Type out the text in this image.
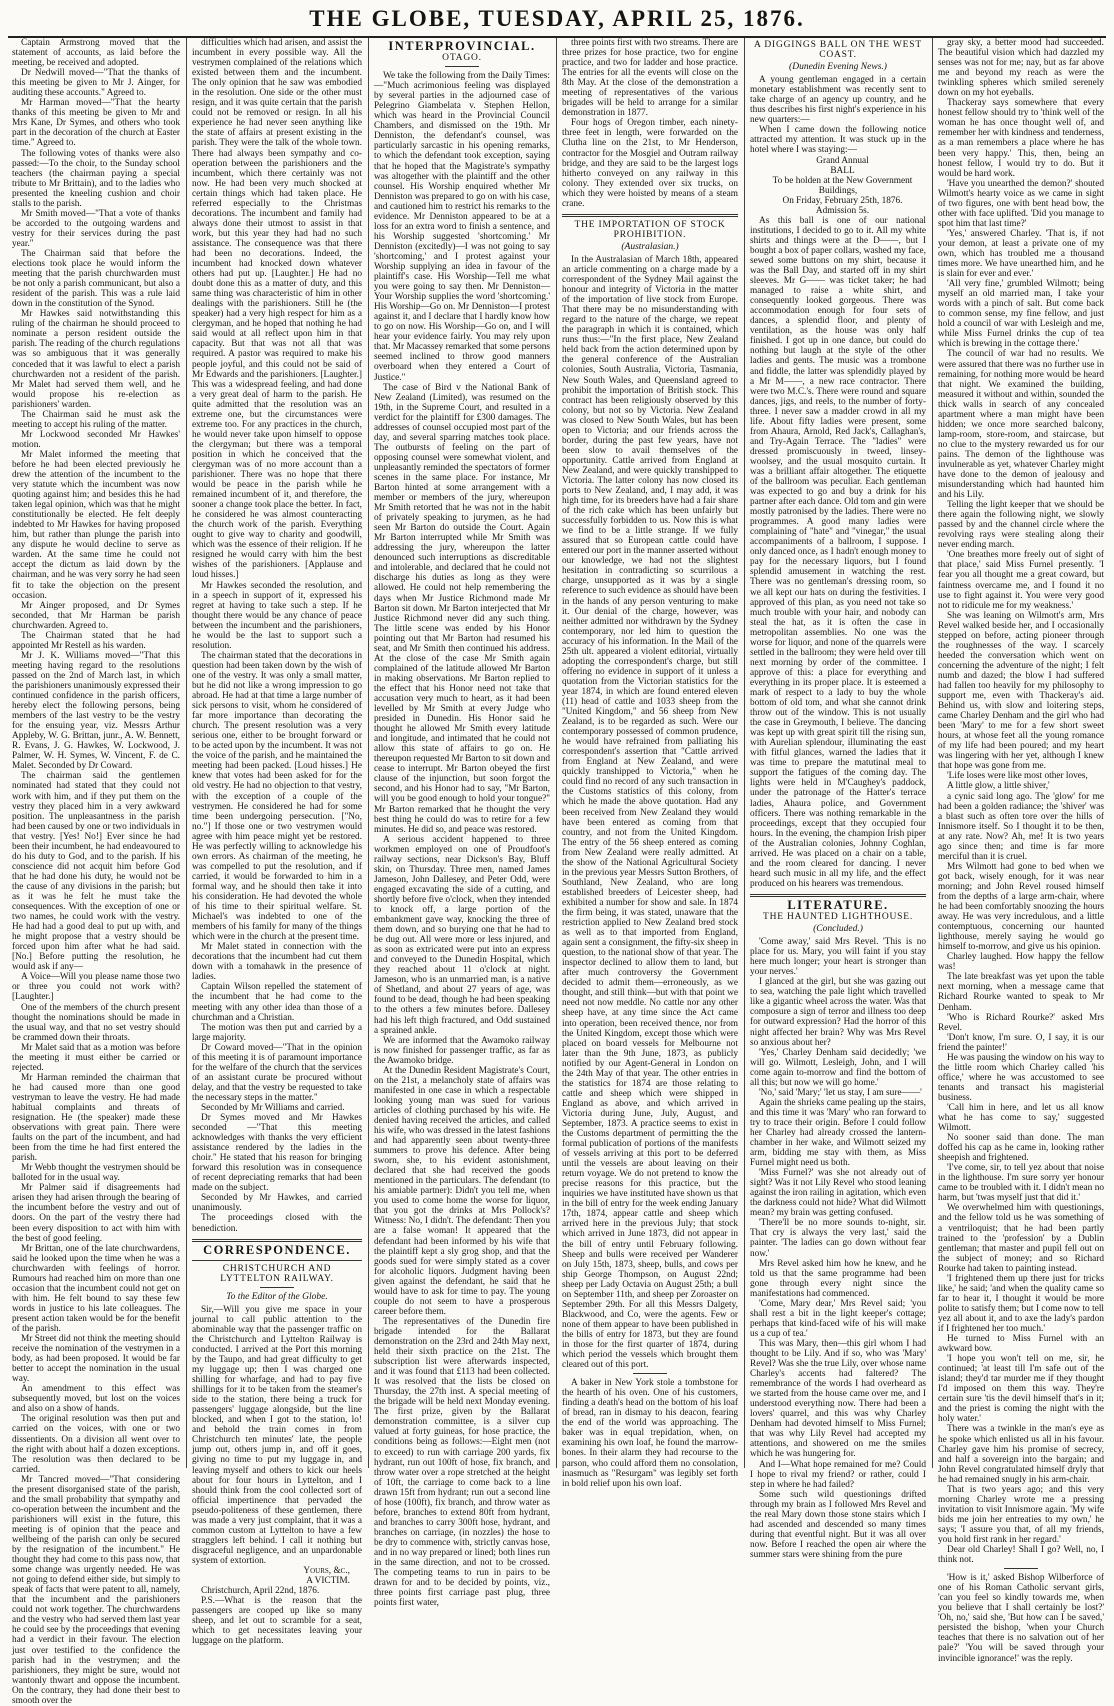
THE GLOBE, TUESDAY, APRIL 25, 1876.

Captain Armstrong moved that the statement of accounts, as laid before the meeting, be received and adopted.

Dr Nedwill moved—"That the thanks of this meeting be given to Mr J. Ainger, for auditing these accounts." Agreed to.

Mr Harman moved—"That the hearty thanks of this meeting be given to Mr and Mrs Kane, Dr Symes, and others who took part in the decoration of the church at Easter time." Agreed to.

The following votes of thanks were also passed:—To the choir, to the Sunday school teachers (the chairman paying a special tribute to Mr Brittain), and to the ladies who presented the kneeling cushion and choir stalls to the parish.

Mr Smith moved—"That a vote of thanks be accorded to the outgoing wardens and vestry for their services during the past year."

The Chairman said that before the elections took place he would inform the meeting that the parish churchwarden must be not only a parish communicant, but also a resident of the parish. This was a rule laid down in the constitution of the Synod.

Mr Hawkes said notwithstanding this ruling of the chairman he should proceed to nominate a person resident outside the parish. The reading of the church regulations was so ambiguous that it was generally conceded that it was lawful to elect a parish churchwarden not a resident of the parish. Mr Malet had served them well, and he would propose his re-election as parishioners' warden.

The Chairman said he must ask the meeting to accept his ruling of the matter.

Mr Lockwood seconded Mr Hawkes' motion.

Mr Malet informed the meeting that before he had been elected previously he drew the attention of the incumbent to the very statute which the incumbent was now quoting against him; and besides this he had taken legal opinion, which was that he might constitutionally be elected. He felt deeply indebted to Mr Hawkes for having proposed him, but rather than plunge the parish into any dispute he would decline to serve as warden. At the same time he could not accept the dictum as laid down by the chairman, and he was very sorry he had seen fit to take the objection on the present occasion.

Mr Ainger proposed, and Dr Symes seconded, that Mr Harman be parish churchwarden. Agreed to.

The Chairman stated that he had appointed Mr Restell as his warden.

Mr J. K. Williams moved—"That this meeting having regard to the resolutions passed on the 2nd of March last, in which the parishioners unanimously expressed their continued confidence in the parish officers, hereby elect the following persons, being members of the last vestry to be the vestry for the ensuing year, viz. Messrs Arthur Appleby, W. G. Brittan, junr., A. W. Bennett, R. Evans, J. G. Hawkes, W. Lockwood, J. Palmer, W. H. Symes, W. Vincent, F. de C. Malet. Seconded by Dr Coward.

The chairman said the gentlemen nominated had stated that they could not work with him, and if they put them on the vestry they placed him in a very awkward position. The unpleasantness in the parish had been caused by one or two individuals in that vestry. [Yes! No!] Ever since he had been their incumbent, he had endeavoured to do his duty to God, and to the parish. If his conscience did not acquit him before God that he had done his duty, he would not be the cause of any divisions in the parish; but as it was he felt he must take the consequences. With the exception of one or two names, he could work with the vestry. He had had a good deal to put up with, and he might propose that a vestry should be forced upon him after what he had said. [No.] Before putting the resolution, he would ask if any—

A Voice—Will you please name those two or three you could not work with? [Laughter.]

One of the members of the church present thought the nominations should be made in the usual way, and that no set vestry should be crammed down their throats.

Mr Malet said that as a motion was before the meeting it must either be carried or rejected.

Mr Harman reminded the chairman that he had caused more than one good vestryman to leave the vestry. He had made habitual complaints and threats of resignation. He (the speaker) made these observations with great pain. There were faults on the part of the incumbent, and had been from the time he had first entered the parish.

Mr Webb thought the vestrymen should be balloted for in the usual way.

Mr Palmer said if disagreements had arisen they had arisen through the bearing of the incumbent before the vestry and out of doors. On the part of the vestry there had been every disposition to act with him with the best of good feeling.

Mr Brittan, one of the late churchwardens, said he looked upon the time when he was a churchwarden with feelings of horror. Rumours had reached him on more than one occasion that the incumbent could not get on with him. He felt bound to say these few words in justice to his late colleagues. The present action taken would be for the benefit of the parish.

Mr Street did not think the meeting should receive the nomination of the vestrymen in a body, as had been proposed. It would be far better to accept the nomination in the usual way.

An amendment to this effect was subsequently moved, but lost on the voices and also on a show of hands.

The original resolution was then put and carried on the voices, with one or two dissentients. On a division all went over to the right with about half a dozen exceptions. The resolution was then declared to be carried.

Mr Tancred moved—"That considering the present disorganised state of the parish, and the small probability that sympathy and co-operation between the incumbent and the parishioners will exist in the future, this meeting is of opinion that the peace and wellbeing of the parish can only be secured by the resignation of the incumbent." He thought they had come to this pass now, that some change was urgently needed. He was not going to defend either side, but simply to speak of facts that were patent to all, namely, that the incumbent and the parishioners could not work together. The churchwardens and the vestry who had served them last year he could see by the proceedings that evening had a verdict in their favour. The election just over testified to the confidence the parish had in the vestrymen; and the parishioners, they might be sure, would not wantonly thwart and oppose the incumbent. On the contrary, they had done their best to smooth over the

difficulties which had arisen, and assist the incumbent in every possible way. All the vestrymen complained of the relations which existed between them and the incumbent. The only opinion that he saw was embodied in the resolution. One side or the other must resign, and it was quite certain that the parish could not be removed or resign. In all his experience he had never seen anything like the state of affairs at present existing in the parish. They were the talk of the whole town. There had always been sympathy and co-operation between the parishioners and the incumbent, which there certainly was not now. He had been very much shocked at certain things which had taken place. He referred especially to the Christmas decorations. The incumbent and family had always done their utmost to assist in that work, but this year they had had no such assistance. The consequence was that there had been no decorations. Indeed, the incumbent had knocked down whatever others had put up. [Laughter.] He had no doubt done this as a matter of duty, and this same thing was characteristic of him in other dealings with the parishioners. Still he (the speaker) had a very high respect for him as a clergyman, and he hoped that nothing he had said would at all reflect upon him in that capacity. But that was not all that was required. A pastor was required to make his people joyful, and this could not be said of Mr Edwards and the parishioners. [Laughter.] This was a widespread feeling, and had done a very great deal of harm to the parish. He quite admitted that the resolution was an extreme one, but the circumstances were extreme too. For any practices in the church, he would never take upon himself to oppose the clergyman; but there was a temporal position in which he conceived that the clergyman was of no more account than a parishioner. There was no hope that there would be peace in the parish while he remained incumbent of it, and therefore, the sooner a change took place the better. In fact, he considered he was almost counteracting the church work of the parish. Everything ought to give way to charity and goodwill, which was the essence of their religion. If he resigned he would carry with him the best wishes of the parishioners. [Applause and loud hisses.]

Mr Hawkes seconded the resolution, and in a speech in support of it, expressed his regret at having to take such a step. If he thought there would be any chance of peace between the incumbent and the parishioners, he would be the last to support such a resolution.

The chairman stated that the decorations in question had been taken down by the wish of one of the vestry. It was only a small matter, but he did not like a wrong impression to go abroad. He had at that time a large number of sick persons to visit, whom he considered of far more importance than decorating the church. The present resolution was a very serious one, either to be brought forward or to be acted upon by the incumbent. It was not the voice of the parish, and he maintained the meeting had been packed. [Loud hisses.] He knew that votes had been asked for for the old vestry. He had no objection to that vestry, with the exception of a couple of the vestrymen. He considered he had for some time been undergoing persecution. ["No, no."] If those one or two vestrymen would agree with him peace might yet be restored. He was perfectly willing to acknowledge his own errors. As chairman of the meeting, he was compelled to put the resolution, and if carried, it would be forwarded to him in a formal way, and he should then take it into his consideration. He had devoted the whole of his time to their spiritual welfare. St. Michael's was indebted to one of the members of his family for many of the things which were in the church at the present time.

Mr Malet stated in connection with the decorations that the incumbent had cut them down with a tomahawk in the presence of ladies.

Captain Wilson repelled the statement of the incumbent that he had come to the meeting with any other idea than those of a churchman and a Christian.

The motion was then put and carried by a large majority.

Dr Coward moved—"That in the opinion of this meeting it is of paramount importance for the welfare of the church that the services of an assistant curate be procured without delay, and that the vestry be requested to take the necessary steps in the matter."

Seconded by Mr Williams and carried.

Dr Symes moved and Mr Hawkes seconded —"That this meeting acknowledges with thanks the very efficient assistance rendered by the ladies in the choir." He stated that his reason for bringing forward this resolution was in consequence of recent depreciating remarks that had been made on the subject.

Seconded by Mr Hawkes, and carried unanimously.

The proceedings closed with the benediction.

CORRESPONDENCE.
CHRISTCHURCH AND LYTTELTON RAILWAY.
To the Editor of the Globe.

Sir,—Will you give me space in your journal to call public attention to the abominable way that the passenger traffic on the Christchurch and Lyttelton Railway is conducted. I arrived at the Port this morning by the Taupo, and had great difficulty to get my luggage up; then I was charged one shilling for wharfage, and had to pay five shillings for it to be taken from the steamer's side to the station, there being a truck for passengers' luggage alongside, but the line blocked, and when I got to the station, lo! and behold the train comes in from Christchurch ten minutes' late, the people jump out, others jump in, and off it goes, giving no time to put my luggage in, and leaving myself and others to kick our heels about for four hours in Lyttelton, and I should think from the cool collected sort of official impertinence that pervaded the pseudo-politeness of these gentlemen, there was made a very just complaint, that it was a common custom at Lyttelton to have a few stragglers left behind. I call it nothing but disgraceful negligence, and an unpardonable system of extortion.

Yours, &c.,

A VICTIM.

Christchurch, April 22nd, 1876.

P.S.—What is the reason that the passengers are cooped up like so many sheep, and let out to scramble for a seat, which to get necessitates leaving your luggage on the platform.

INTERPROVINCIAL.
OTAGO.

We take the following from the Daily Times:—"Much acrimonious feeling was displayed by several parties in the adjourned case of Pelegrino Giambelata v. Stephen Hellon, which was heard in the Provincial Council Chambers, and dismissed on the 19th. Mr Denniston, the defendant's counsel, was particularly sarcastic in his opening remarks, to which the defendant took exception, saying that he hoped that the Magistrate's sympathy was altogether with the plaintiff and the other counsel. His Worship enquired whether Mr Denniston was prepared to go on with his case, and cautioned him to restrict his remarks to the evidence. Mr Denniston appeared to be at a loss for an extra word to finish a sentence, and his Worship suggested 'shortcoming.' Mr Denniston (excitedly)—I was not going to say 'shortcoming,' and I protest against your Worship supplying an idea in favour of the plaintiff's case. His Worship—Tell me what you were going to say then. Mr Denniston—Your Worship supplies the word 'shortcoming.' His Worship—Go on. Mr Denniston—I protest against it, and I declare that I hardly know how to go on now. His Worship—Go on, and I will hear your evidence fairly. You may rely upon that. Mr Macassey remarked that some persons seemed inclined to throw good manners overboard when they entered a Court of Justice."

The case of Bird v the National Bank of New Zealand (Limited), was resumed on the 19th, in the Supreme Court, and resulted in a verdict for the plaintiff for £300 damages. The addresses of counsel occupied most part of the day, and several sparring matches took place. The outbursts of feeling on the part of opposing counsel were somewhat violent, and unpleasantly reminded the spectators of former scenes in the same place. For instance, Mr Barton hinted at some arrangement with a member or members of the jury, whereupon Mr Smith retorted that he was not in the habit of privately speaking to jurymen, as he had seen Mr Barton do outside the Court. Again Mr Barton interrupted while Mr Smith was addressing the jury, whereupon the latter denounced such interruptions as discreditable and intolerable, and declared that he could not discharge his duties as long as they were allowed. He could not help remembering the days when Mr Justice Richmond made Mr Barton sit down. Mr Barton interjected that Mr Justice Richmond never did any such thing. The little scene was ended by his Honor pointing out that Mr Barton had resumed his seat, and Mr Smith then continued his address. At the close of the case Mr Smith again complained of the latitude allowed Mr Barton in making observations. Mr Barton replied to the effect that his Honor need not take that accusation very much to heart, as it had been levelled by Mr Smith at every Judge who presided in Dunedin. His Honor said he thought he allowed Mr Smith every latitude and longitude, and intimated that he could not allow this state of affairs to go on. He thereupon requested Mr Barton to sit down and cease to interrupt. Mr Barton obeyed the first clause of the injunction, but soon forgot the second, and his Honor had to say, "Mr Barton, will you be good enough to hold your tongue?" Mr Barton remarked that he thought the very best thing he could do was to retire for a few minutes. He did so, and peace was restored.

A serious accident happened to three workmen employed on one of Proudfoot's railway sections, near Dickson's Bay, Bluff skin, on Thursday. Three men, named James Jameson, John Dallesey, and Peter Odd, were engaged excavating the side of a cutting, and shortly before five o'clock, when they intended to knock off, a large portion of the embankment gave way, knocking the three of them down, and so burying one that he had to be dug out. All were more or less injured, and as soon as extricated were put into an express and conveyed to the Dunedin Hospital, which they reached about 11 o'clock at night. Jameson, who is an unmarried man, is a native of Shetland, and about 27 years of age, was found to be dead, though he had been speaking to the others a few minutes before. Dallesey had his left thigh fractured, and Odd sustained a sprained ankle.

We are informed that the Awamoko railway is now finished for passenger traffic, as far as the Awamoko bridge.

At the Dunedin Resident Magistrate's Court, on the 21st, a melancholy state of affairs was manifested in one case in which a respectable looking young man was sued for various articles of clothing purchased by his wife. He denied having received the articles, and called his wife, who was dressed in the latest fashions and had apparently seen about twenty-three summers to prove his defence. After being sworn, she, to his evident astonishment, declared that she had received the goods mentioned in the particulars. The defendant (to his amiable partner): Didn't you tell me, when you used to come home the worse for liquor, that you got the drinks at Mrs Pollock's? Witness: No, I didn't. The defendant: Then you are a false woman! It appeared that the defendant had been informed by his wife that the plaintiff kept a sly grog shop, and that the goods sued for were simply stated as a cover for alcoholic liquors. Judgment having been given against the defendant, he said that he would have to ask for time to pay. The young couple do not seem to have a prosperous career before them.

The representatives of the Dunedin fire brigade intended for the Ballarat demonstration on the 23rd and 24th May next, held their sixth practice on the 21st. The subscription list were afterwards inspected, and it was found that £113 had been collected. It was resolved that the lists be closed on Thursday, the 27th inst. A special meeting of the brigade will be held next Monday evening. The first prize, given by the Ballarat demonstration committee, is a silver cup valued at forty guineas, for hose practice, the conditions being as follows:—Eight men (not to exceed) to run with carriage 200 yards, fix hydrant, run out 100ft of hose, fix branch, and throw water over a rope stretched at the height of 10ft, the carriage to come back to a line drawn 15ft from hydrant; run out a second line of hose (100ft), fix branch, and throw water as before, branches to extend 80ft from hydrant, and branches to carry 300ft hose, hydrant, and branches on carriage, (in nozzles) the hose to be dry to commence with, strictly canvas hose, and in no way prepared or lined; both lines run in the same direction, and not to be crossed. The competing teams to run in pairs to be drawn for and to be decided by points, viz., three points first carriage past plug, three points first water,

three points first with two streams. There are three prizes for hose practice, two for engine practice, and two for ladder and hose practice. The entries for all the events will close on the 8th May. At the close of the demonstration a meeting of representatives of the various brigades will be held to arrange for a similar demonstration in 1877.

Four hogs of Oregon timber, each ninety-three feet in length, were forwarded on the Clutha line on the 21st, to Mr Henderson, contractor for the Mosgiel and Outram railway bridge, and they are said to be the largest logs hitherto conveyed on any railway in this colony. They extended over six trucks, on which they were hoisted by means of a steam crane.

THE IMPORTATION OF STOCK PROHIBITION.
(Australasian.)

In the Australasian of March 18th, appeared an article commenting on a charge made by a correspondent of the Sydney Mail against the honour and integrity of Victoria in the matter of the importation of live stock from Europe. That there may be no misunderstanding with regard to the nature of the charge, we repeat the paragraph in which it is contained, which runs thus:—"In the first place, New Zealand held back from the action determined upon by the general conference of the Australian colonies, South Australia, Victoria, Tasmania, New South Wales, and Queensland agreed to prohibit the importation of British stock. This contract has been religiously observed by this colony, but not so by Victoria. New Zealand was closed to New South Wales, but has been open to Victoria; and our friends across the border, during the past few years, have not been slow to avail themselves of the opportunity. Cattle arrived from England at New Zealand, and were quickly transhipped to Victoria. The latter colony has now closed its ports to New Zealand, and, I may add, it was high time, for its breeders have had a fair share of the rich cake which has been unfairly but successfully forbidden to us. Now this is what we find to be a little strange. If we fully assured that so European cattle could have entered our port in the manner asserted without our knowledge, we had not the slightest hesitation in contradicting so scurrilous a charge, unsupported as it was by a single reference to such evidence as should have been in the hands of any person venturing to make it. Our denial of the charge, however, was neither admitted nor withdrawn by the Sydney contemporary, nor led him to question the accuracy of his information. In the Mail of the 25th ult. appeared a violent editorial, virtually adopting the correspondent's charge, but still offering no evidence in support of it unless a quotation from the Victorian statistics for the year 1874, in which are found entered eleven (11) head of cattle and 1033 sheep from the "United Kingdom," and 56 sheep from New Zealand, is to be regarded as such. Were our contemporary possessed of common prudence, he would have refrained from palliating his correspondent's assertion that "Cattle arrived from England at New Zealand, and were quickly transhipped to Victoria," when he could find no record of any such transaction in the Customs statistics of this colony, from which he made the above quotation. Had any been received from New Zealand they would have been entered as coming from that country, and not from the United Kingdom. The entry of the 56 sheep entered as coming from New Zealand were really admitted. At the show of the National Agricultural Society in the previous year Messrs Sutton Brothers, of Southland, New Zealand, who are long established breeders of Leicester sheep, had exhibited a number for show and sale. In 1874 the firm being, it was stated, unaware that the restriction applied to New Zealand bred stock as well as to that imported from England, again sent a consignment, the fifty-six sheep in question, to the national show of that year. The inspector declined to allow them to land, but after much controversy the Government decided to admit them—erroneously, as we thought, and still think—but with that point we need not now meddle. No cattle nor any other sheep have, at any time since the Act came into operation, been received thence, nor from the United Kingdom, except those which were placed on board vessels for Melbourne not later than the 9th June, 1873, as publicly notified by our Agent-General in London on the 24th May of that year. The other entries in the statistics for 1874 are those relating to cattle and sheep which were shipped in England as above, and which arrived in Victoria during June, July, August, and September, 1873. A practice seems to exist in the Customs department of permitting the the formal publication of portions of the manifests of vessels arriving at this port to be deferred until the vessels are about leaving on their return voyage. We do not pretend to know the precise reasons for this practice, but the inquiries we have instituted have shown us that in the bill of entry for the week ending January 17th, 1874, appear cattle and sheep which arrived here in the previous July; that stock which arrived in June 1873, did not appear in the bill of entry until February following. Sheep and bulls were received per Wanderer on July 15th, 1873, sheep, bulls, and cows per ship George Thompson, on August 22nd; sheep per Lady Octavia on August 25th; a bull on September 11th, and sheep per Zoroaster on September 29th. For all this Messrs Dalgety, Blackwood, and Co, were the agents. Few or none of them appear to have been published in the bills of entry for 1873, but they are found in those for the first quarter of 1874, during which period the vessels which brought them cleared out of this port.

A baker in New York stole a tombstone for the hearth of his oven. One of his customers, finding a death's head on the bottom of his loaf of bread, ran in dismay to his deacon, fearing the end of the world was approaching. The baker was in equal trepidation, when, on examining his own loaf, he found the marrow-bones. In their alarm they had recourse to the parson, who could afford them no consolation, inasmuch as "Resurgam" was legibly set forth in bold relief upon his own loaf.

A DIGGINGS BALL ON THE WEST COAST.
(Dunedin Evening News.)

A young gentleman engaged in a certain monetary establishment was recently sent to take charge of an agency up country, and he thus describes his first night's experience in his new quarters:—

When I came down the following notice attracted my attention. It was stuck up in the hotel where I was staying:—

Grand Annual

BALL

To be holden at the New Government Buildings,

On Friday, February 25th, 1876.

Admission 5s.

As this ball is one of our national institutions, I decided to go to it. All my white shirts and things were at the D——, but I bought a box of paper collars, washed my face, sewed some buttons on my shirt, because it was the Ball Day, and started off in my shirt sleeves. Mr G—— was ticket taker; he had managed to raise a white shirt, and consequently looked gorgeous. There was accommodation enough for four sets of dances, a splendid floor, and plenty of ventilation, as the house was only half finished. I got up in one dance, but could do nothing but laugh at the style of the other ladies and gents. The music was a trombone and fiddle, the latter was splendidly played by a Mr M——, a new race contractor. There were two M.C.'s. There were round and square dances, jigs, and reels, to the number of forty-three. I never saw a madder crowd in all my life. About fifty ladies were present, some from Ahaura, Arnold, Red Jack's, Callaghan's, and Try-Again Terrace. The "ladies" were dressed promiscuously in tweed, linsey-woolsey, and the usual mosquito curtain. It was a brilliant affair altogether. The etiquette of the ballroom was peculiar. Each gentleman was expected to go and buy a drink for his partner after each dance. Old tom and gin were mostly patronised by the ladies. There were no programmes. A good many ladies were complaining of "hate" and "vinegar," the usual accompaniments of a ballroom, I suppose. I only danced once, as I hadn't enough money to pay for the necessary liquors, but I found splendid amusement in watching the rest. There was no gentleman's dressing room, so we all kept our hats on during the festivities. I approved of this plan, as you need not take so much trouble with your hair, and nobody can steal the hat, as it is often the case in metropolitan assemblies. No one was the worse for liquor, and none of the quarrels were settled in the ballroom; they were held over till next morning by order of the committee. I approve of this: a place for everything and everything in its proper place. It is esteemed a mark of respect to a lady to buy the whole bottom of old tom, and what she cannot drink throw out of the window. This is not usually the case in Greymouth, I believe. The dancing was kept up with great spirit till the rising sun, with Aurelian splendour, illuminating the east with fitful glances, warned the ladies that it was time to prepare the matutinal meal to support the fatigues of the coming day. The lights were held in M'Caughey's paddock, under the patronage of the Hatter's terrace ladies, Ahaura police, and Government officers. There was nothing remarkable in the proceedings, except that they occupied four hours. In the evening, the champion Irish piper of the Australian colonies, Johnny Coghlan, arrived. He was placed on a chair on a table, and the room cleared for dancing. I never heard such music in all my life, and the effect produced on his hearers was tremendous.

LITERATURE.
THE HAUNTED LIGHTHOUSE.
(Concluded.)

'Come away,' said Mrs Revel. 'This is no place for us. Mary, you will faint if you stay here much longer; your heart is stronger than your nerves.'

I glanced at the girl, but she was gazing out to sea, watching the pale light which travelled like a gigantic wheel across the water. Was that composure a sign of terror and illness too deep for outward expression? Had the horror of this night affected her brain? Why was Mrs Revel so anxious about her?

'Yes,' Charley Denham said decidedly; 'we will go. Wilmott, Lesleigh, John, and I will come again to-morrow and find the bottom of all this; but now we will go home.'

'No,' said 'Mary;' 'let us stay, I am sure——'

Again the shrieks came pealing up the stairs, and this time it was 'Mary' who ran forward to try to trace their origin. Before I could follow her Charley had already crossed the lantern-chamber in her wake, and Wilmott seized my arm, bidding me stay with them, as Miss Furnel might need us both.

'Miss Furnel?' was she not already out of sight? Was it not Lily Revel who stood leaning against the iron railing in agitation, which even the darkness could not hide? What did Wilmott mean? my brain was getting confused.

'There'll be no more sounds to-night, sir. That cry is always the very last,' said the painter. 'The ladies can go down without fear now.'

Mrs Revel asked him how he knew, and he told us that the same programme had been gone through every night since the manifestations had commenced.

'Come, Mary dear,' Mrs Revel said; 'you shall rest a bit in the light keeper's cottage; perhaps that kind-faced wife of his will make us a cup of tea.'

This was Mary, then—this girl whom I had thought to be Lily. And if so, who was 'Mary' Revel? Was she the true Lily, over whose name Charley's accents had faltered? The remembrance of the words I had overheard as we started from the house came over me, and I understood everything now. There had been a lovers' quarrel, and this was why Charley Denham had devoted himself to Miss Furnel; that was why Lily Revel had accepted my attentions, and showered on me the smiles which he was hungering for.

And I—What hope remained for me? Could I hope to rival my friend? or rather, could I step in where he had failed?

Some such wild questionings drifted through my brain as I followed Mrs Revel and the real Mary down those stone stairs which I had ascended and descended so many times during that eventful night. But it was all over now. Before I reached the open air where the summer stars were shining from the pure

gray sky, a better mood had succeeded. The beautiful vision which had dazzled my senses was not for me; nay, but as far above me and beyond my reach as were the twinkling spheres which smiled serenely down on my hot eyeballs.

Thackeray says somewhere that every honest fellow should try to 'think well of the woman he has once thought well of, and remember her with kindness and tenderness, as a man remembers a place where he has been very happy.' This, then, being an honest fellow, I would try to do. But it would be hard work.

'Have you unearthed the demon?' shouted Wilmott's hearty voice as we came in sight of two figures, one with bent head bow, the other with face uplifted. 'Did you manage to spot him that last time?'

'Yes,' answered Charley. 'That is, if not your demon, at least a private one of my own, which has troubled me a thousand times more. We have unearthed him, and he is slain for ever and ever.'

'All very fine,' grumbled Wilmott; being myself an old married man, I take your words with a pinch of salt. But come back to common sense, my fine fellow, and just hold a council of war with Lesleigh and me, while Miss Furnel drinks the cup of tea which is brewing in the cottage there.'

The council of war had no results. We were assured that there was no further use in remaining, for nothing more would be heard that night. We examined the building, measured it without and within, sounded the thick walls in search of any concealed apartment where a man might have been hidden; we once more searched balcony, lamp-room, store-room, and staircase, but no clue to the mystery rewarded us for our pains. The demon of the lighthouse was invulnerable as yet, whatever Charley might have done to the demon of jealousy and misunderstanding which had haunted him and his Lily.

Telling the light keeper that we should be there again the following night, we slowly passed by and the channel circle where the revolving rays were stealing along their never ending march.

'One breathes more freely out of sight of that place,' said Miss Furnel presently. 'I fear you all thought me a great coward, but faintness overcame me, and I found it no use to fight against it. You were very good not to ridicule me for my weakness.'

She was leaning on Wilmott's arm, Mrs Revel walked beside her, and I occasionally stepped on before, acting pioneer through the roughnesses of the way. I scarcely heeded the conversation which went on concerning the adventure of the night; I felt numb and dazed; the blow I had suffered had fallen too heavily for my philosophy to support me, even with Thackeray's aid. Behind us, with slow and loitering steps, came Charley Denham and the girl who had been 'Mary' to me for a few short sweet hours, at whose feet all the young romance of my life had been poured; and my heart was lingering with her yet, although I knew that hope was gone from me.

'Life loses were like most other loves,

A little glow, a little shiver,'

a cynic said long ago. The 'glow' for me had been a golden radiance; the 'shiver' was a blast such as often tore over the hills of Innismore itself. So I thought it to be then, at any rate. Now? Ah, me! It is two years ago since then; and time is far more merciful than it is cruel.

Mrs Wilmott had gone to bed when we got back, wisely enough, for it was near morning; and John Revel roused himself from the depths of a large arm-chair, where he had been comfortably snoozing the hours away. He was very incredulous, and a little contemptuous, concerning our haunted lighthouse, merely saying he would go himself to-morrow, and give us his opinion.

Charley laughed. How happy the fellow was!

The late breakfast was yet upon the table next morning, when a message came that Richard Rourke wanted to speak to Mr Denham.

'Who is Richard Rourke?' asked Mrs Revel.

'Don't know, I'm sure. O, I say, it is our friend the painter!'

He was pausing the window on his way to the little room which Charley called 'his office,' where he was accustomed to see tenants and transact his magisterial business.

'Call him in here, and let us all know what he has come to say,' suggested Wilmott.

No sooner said than done. The man doffed his cap as he came in, looking rather sheepish and frightened.

'I've come, sir, to tell yez about that noise in the lighthouse. I'm sure sorry yer honour came to be troubled with it. I didn't mean no harm, but 'twas myself just that did it.'

We overwhelmed him with questionings, and the fellow told us he was something of a ventriloquist; that he had been partly trained to the 'profession' by a Dublin gentleman; that master and pupil fell out on the subject of money; and so Richard Rourke had taken to painting instead.

'I frightened them up there just for tricks like,' he said; 'and when the quality came so far to hear it, I thought it would be more polite to satisfy them; but I come now to tell yez all about it, and to axe the lady's pardon if I frightened her too much.'

He turned to Miss Furnel with an awkward bow.

'I hope you won't tell on me, sir, he continued; 'at least till I'm safe out of the island; they'd tar murder me if they thought I'd imposed on them this way. They're certain sure 'tis the devil himself that's in it; and the priest is coming the night with the holy water.'

There was a twinkle in the man's eye as he spoke which enlisted us all in his favour. Charley gave him his promise of secrecy, and half a sovereign into the bargain; and John Revel congratulated himself dryly that he had remained snugly in his arm-chair.

That is two years ago; and this very morning Charley wrote me a pressing invitation to visit Innismore again. 'My wife bids me join her entreaties to my own,' he says; 'I assure you that, of all my friends, you hold first rank in her regard.'

Dear old Charley! Shall I go? Well, no, I think not.

'How is it,' asked Bishop Wilberforce of one of his Roman Catholic servant girls, 'can you feel so kindly towards me, when you believe that I shall certainly be lost?' 'Oh, no,' said she, 'But how can I be saved,' persisted the bishop, 'when your Church teaches that there is no salvation out of her pale?' 'You will be saved through your invincible ignorance!' was the reply.
